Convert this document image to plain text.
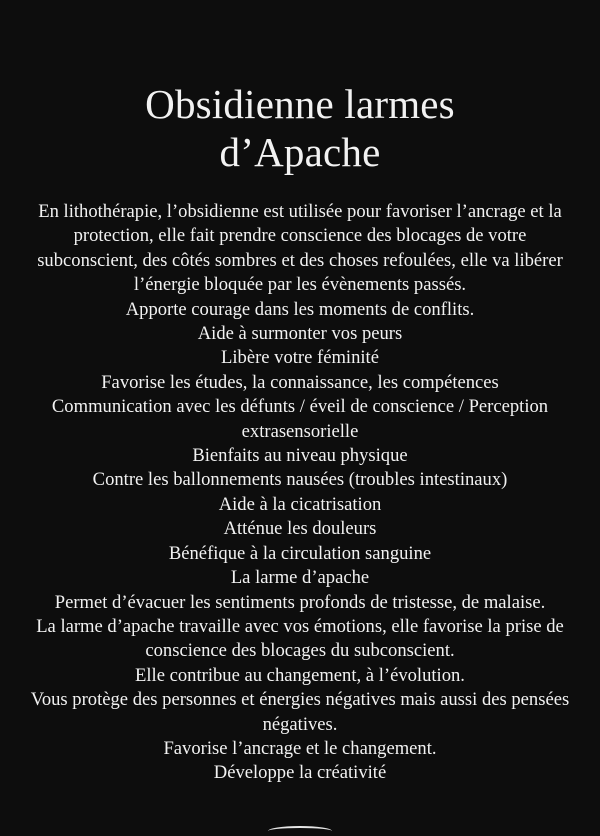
Obsidienne larmes
d’Apache
En lithothérapie, l’obsidienne est utilisée pour favoriser l’ancrage et la protection, elle fait prendre conscience des blocages de votre subconscient, des côtés sombres et des choses refoulées, elle va libérer l’énergie bloquée par les évènements passés.
Apporte courage dans les moments de conflits.
Aide à surmonter vos peurs
Libère votre féminité
Favorise les études, la connaissance, les compétences
Communication avec les défunts / éveil de conscience / Perception extrasensorielle
Bienfaits au niveau physique
Contre les ballonnements nausées (troubles intestinaux)
Aide à la cicatrisation
Atténue les douleurs
Bénéfique à la circulation sanguine
La larme d’apache
Permet d’évacuer les sentiments profonds de tristesse, de malaise.
La larme d’apache travaille avec vos émotions, elle favorise la prise de conscience des blocages du subconscient.
Elle contribue au changement, à l’évolution.
Vous protège des personnes et énergies négatives mais aussi des pensées négatives.
Favorise l’ancrage et le changement.
Développe la créativité
